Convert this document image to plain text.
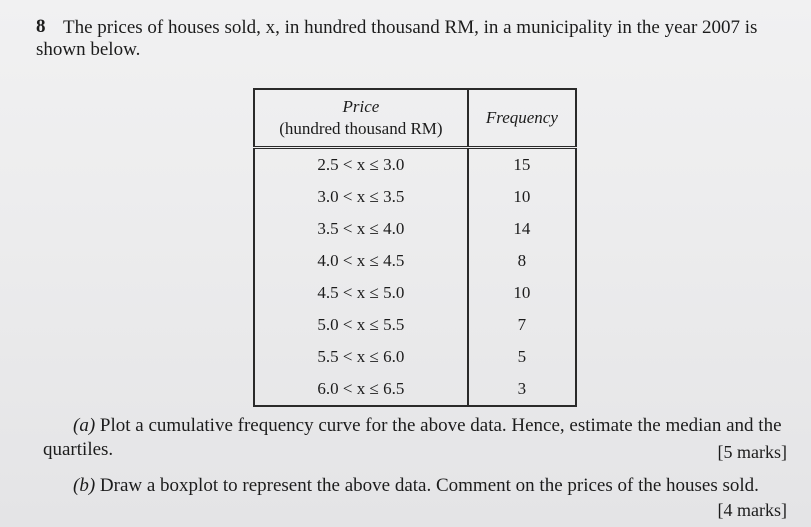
8 The prices of houses sold, x, in hundred thousand RM, in a municipality in the year 2007 is
shown below.
Price
(hundred thousand RM)	Frequency
2.5 < x ≤ 3.0	15
3.0 < x ≤ 3.5	10
3.5 < x ≤ 4.0	14
4.0 < x ≤ 4.5	8
4.5 < x ≤ 5.0	10
5.0 < x ≤ 5.5	7
5.5 < x ≤ 6.0	5
6.0 < x ≤ 6.5	3
(a) Plot a cumulative frequency curve for the above data. Hence, estimate the median and the
quartiles.	[5 marks]
(b) Draw a boxplot to represent the above data. Comment on the prices of the houses sold.
[4 marks]
